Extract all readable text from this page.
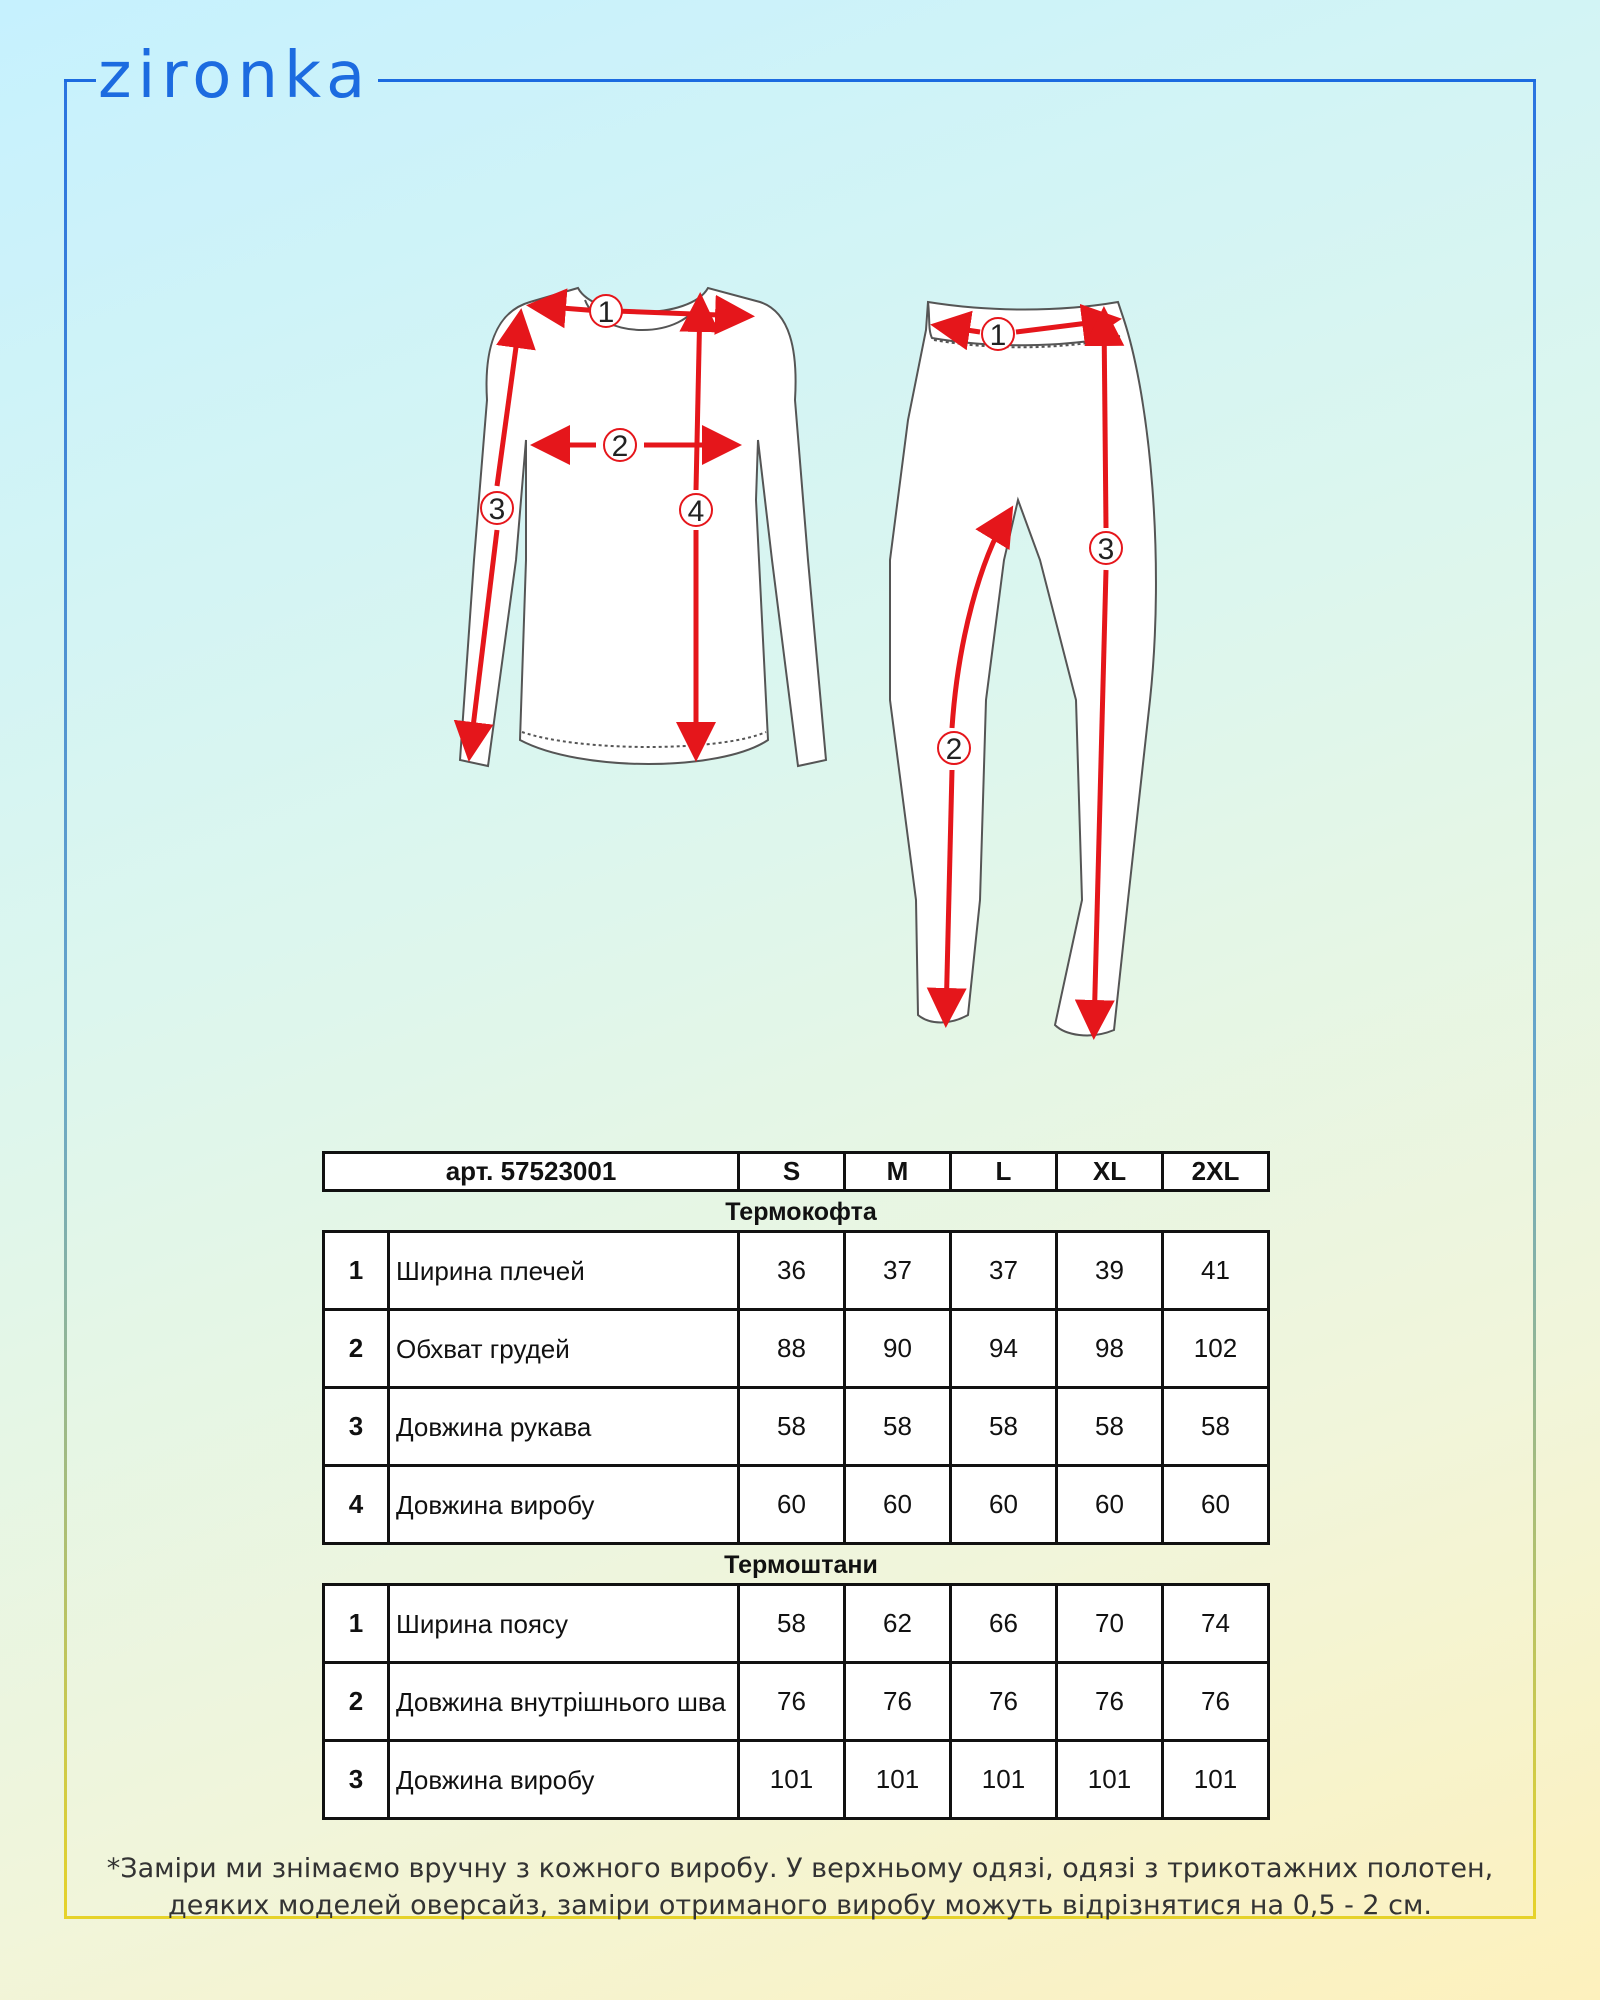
zironka
1
2
3	4
1
2
3
арт. 57523001	S	M	L	XL	2XL
Термокофта
1	Ширина плечей	36	37	37	39	41
2	Обхват грудей	88	90	94	98	102
3	Довжина рукава	58	58	58	58	58
4	Довжина виробу	60	60	60	60	60
Термоштани
1	Ширина поясу	58	62	66	70	74
2	Довжина внутрішнього шва	76	76	76	76	76
3	Довжина виробу	101	101	101	101	101
*Заміри ми знімаємо вручну з кожного виробу. У верхньому одязі, одязі з трикотажних полотен, деяких моделей оверсайз, заміри отриманого виробу можуть відрізнятися на 0,5 - 2 см.
